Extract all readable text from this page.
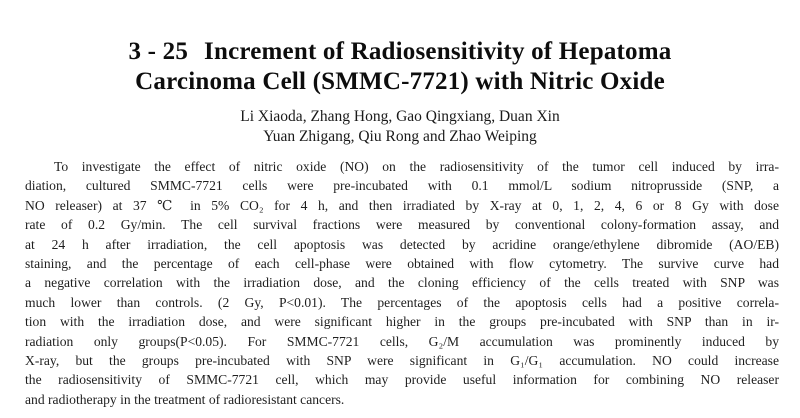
3 - 25 Increment of Radiosensitivity of Hepatoma
Carcinoma Cell (SMMC-7721) with Nitric Oxide
Li Xiaoda, Zhang Hong, Gao Qingxiang, Duan Xin
Yuan Zhigang, Qiu Rong and Zhao Weiping
To investigate the effect of nitric oxide (NO) on the radiosensitivity of the tumor cell induced by irra-
diation, cultured SMMC-7721 cells were pre-incubated with 0.1 mmol/L sodium nitroprusside (SNP, a
NO releaser) at 37 ℃ in 5% CO₂ for 4 h, and then irradiated by X-ray at 0, 1, 2, 4, 6 or 8 Gy with dose
rate of 0.2 Gy/min. The cell survival fractions were measured by conventional colony-formation assay, and
at 24 h after irradiation, the cell apoptosis was detected by acridine orange/ethylene dibromide (AO/EB)
staining, and the percentage of each cell-phase were obtained with flow cytometry. The survive curve had
a negative correlation with the irradiation dose, and the cloning efficiency of the cells treated with SNP was
much lower than controls. (2 Gy, P<0.01). The percentages of the apoptosis cells had a positive correla-
tion with the irradiation dose, and were significant higher in the groups pre-incubated with SNP than in ir-
radiation only groups(P<0.05). For SMMC-7721 cells, G₂/M accumulation was prominently induced by
X-ray, but the groups pre-incubated with SNP were significant in G₁/G₁ accumulation. NO could increase
the radiosensitivity of SMMC-7721 cell, which may provide useful information for combining NO releaser
and radiotherapy in the treatment of radioresistant cancers.
